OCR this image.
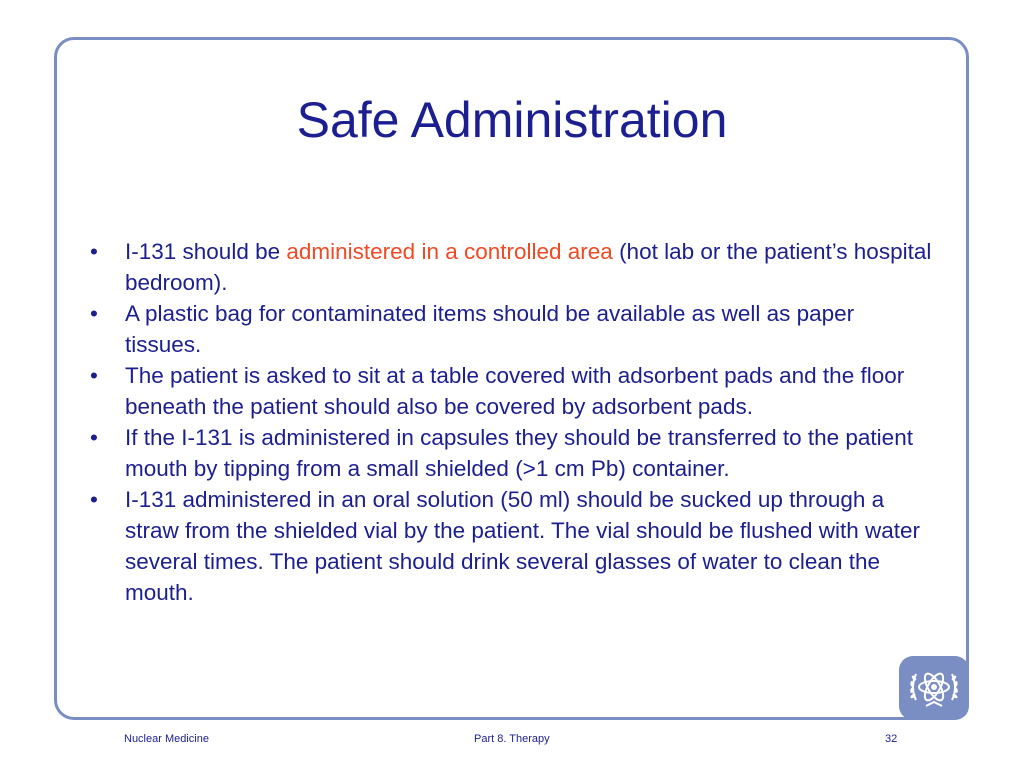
Safe Administration
• I-131 should be administered in a controlled area (hot lab or the patient’s hospital bedroom).
• A plastic bag for contaminated items should be available as well as paper tissues.
• The patient is asked to sit at a table covered with adsorbent pads and the floor beneath the patient should also be covered by adsorbent pads.
• If the I-131 is administered in capsules they should be transferred to the patient mouth by tipping from a small shielded (>1 cm Pb) container.
• I-131 administered in an oral solution (50 ml) should be sucked up through a straw from the shielded vial by the patient. The vial should be flushed with water several times. The patient should drink several glasses of water to clean the mouth.
Nuclear Medicine	Part 8. Therapy	32
